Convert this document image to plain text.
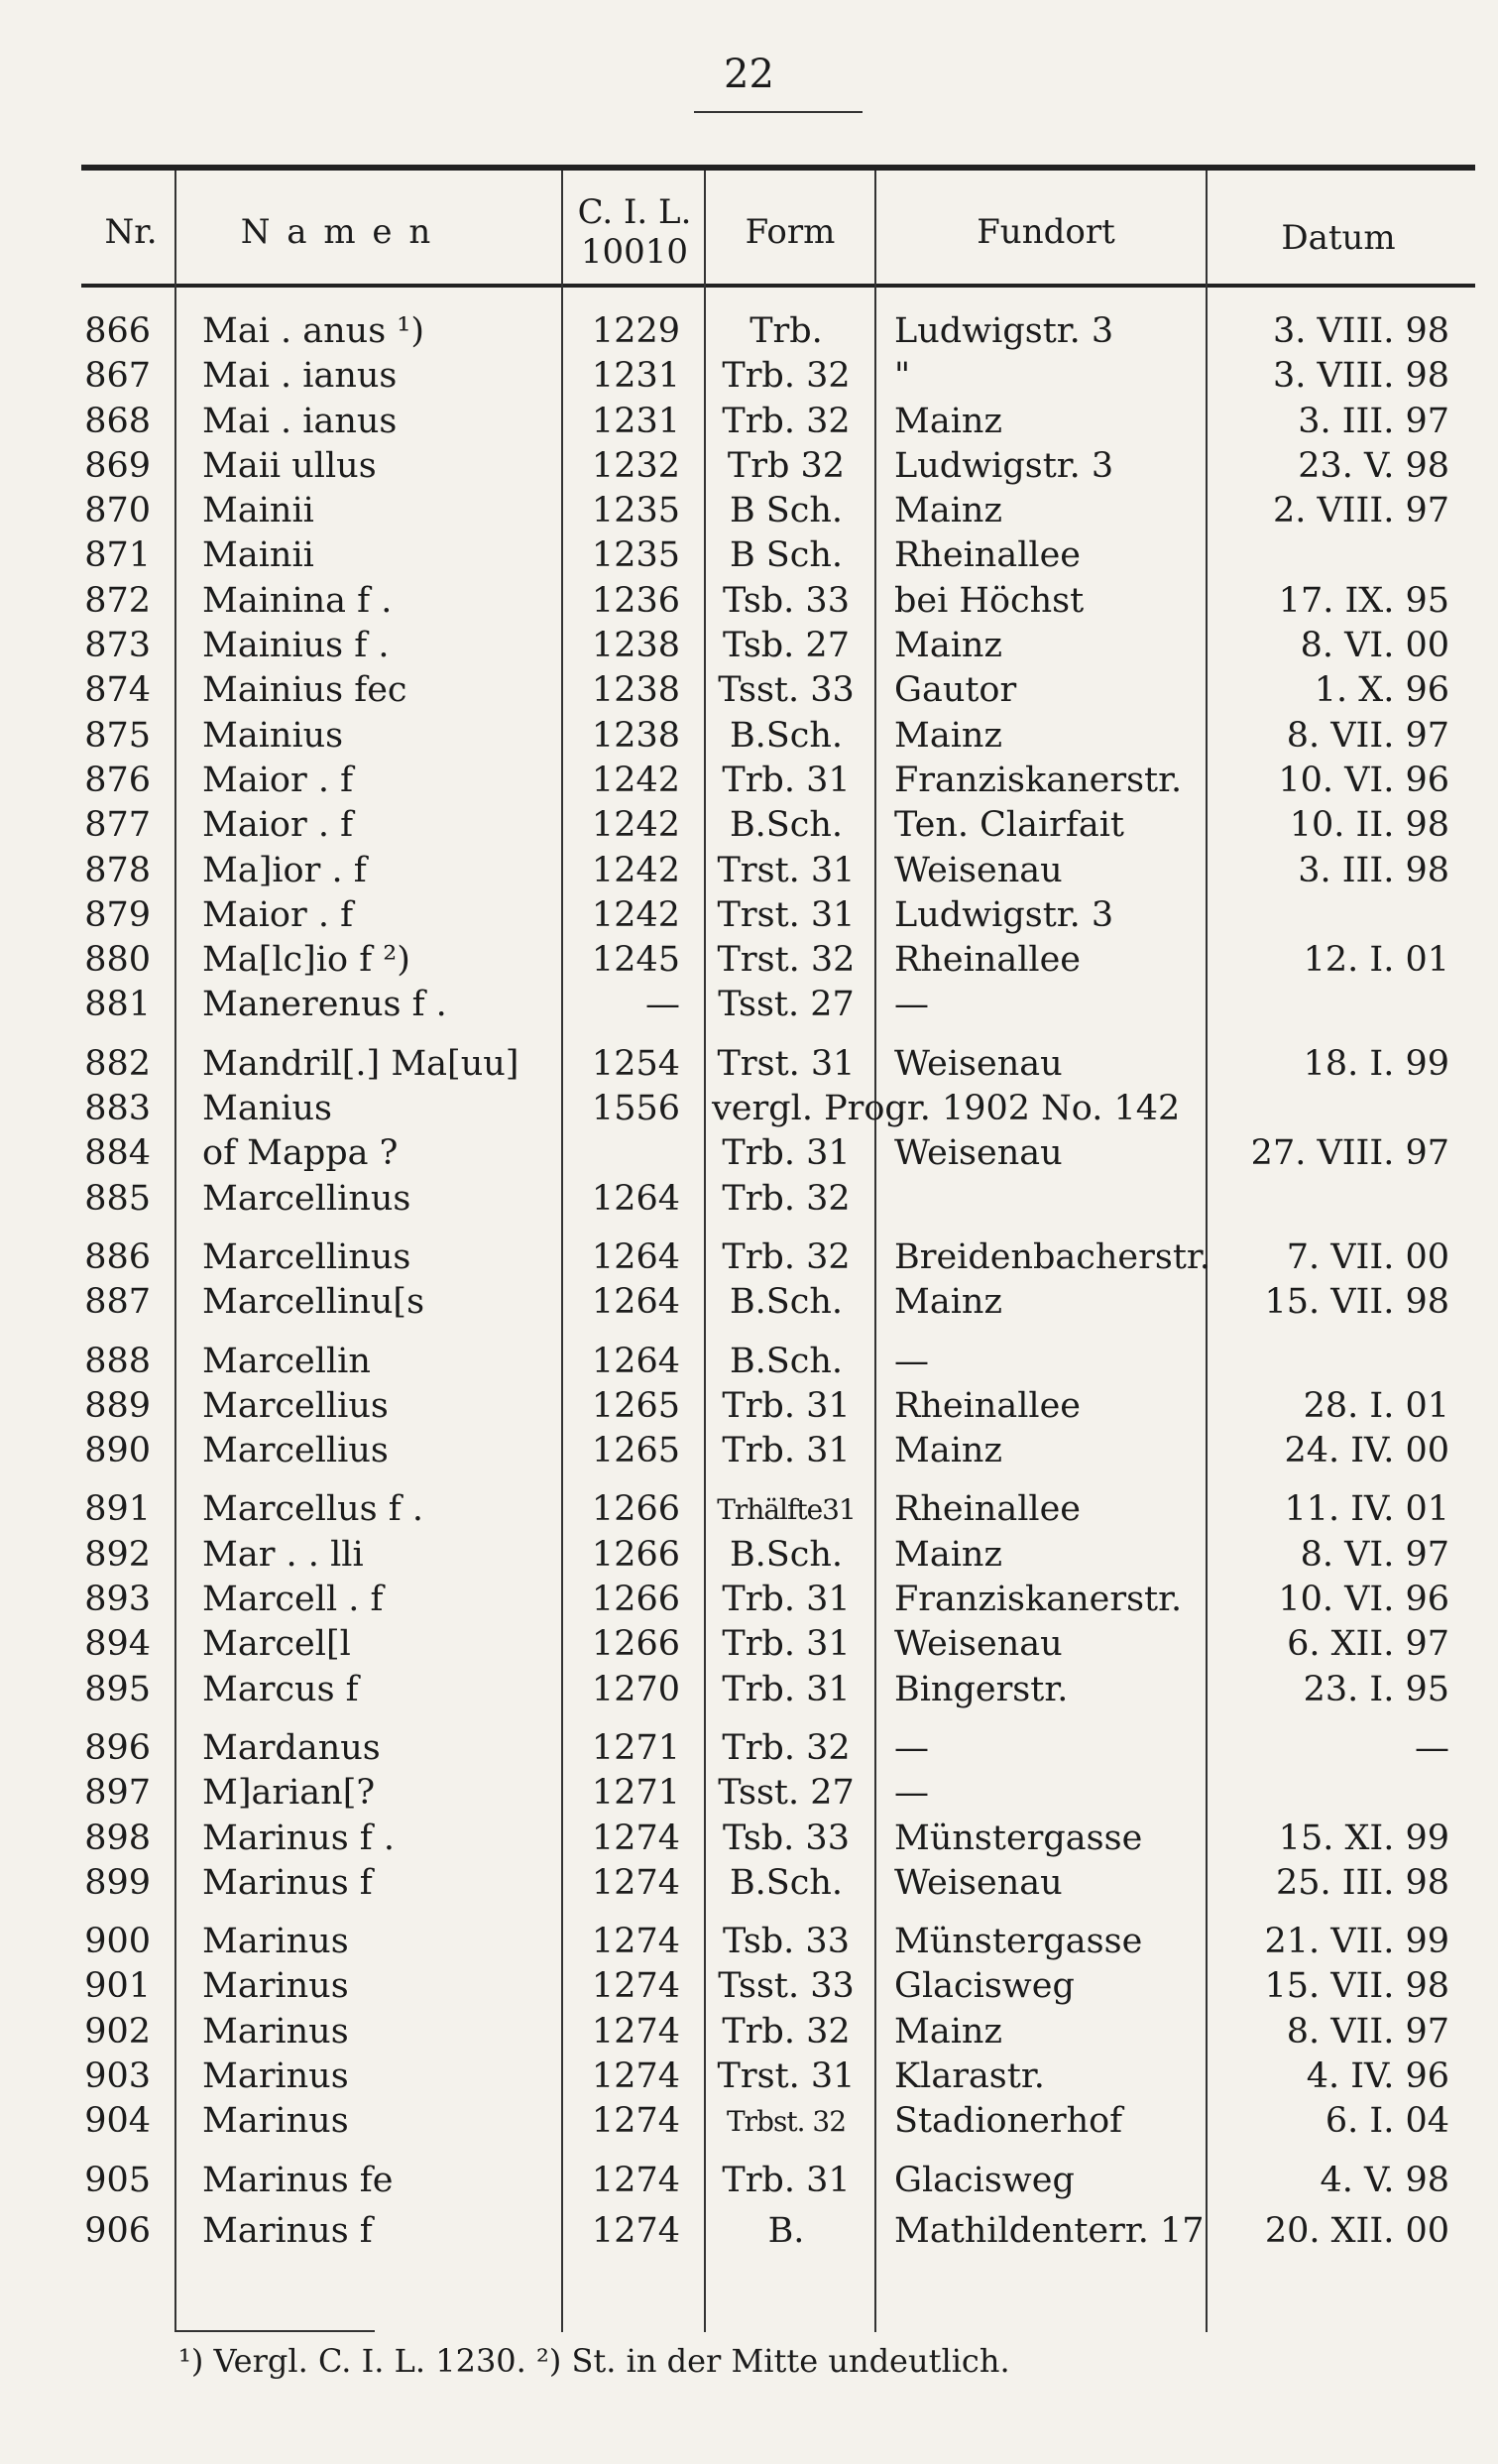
22
Nr.	N a m e n	C. I. L.
10010	Form	Fundort	Datum
866 Mai . anus ¹)	1229	Trb.	Ludwigstr. 3	3. VIII. 98
867 Mai . ianus	1231 Trb. 32 "	3. VIII. 98
868 Mai . ianus	1231 Trb. 32 Mainz	3. III. 97
869 Maii ullus	1232	Trb 32	Ludwigstr. 3	23. V. 98
870 Mainii	1235	B Sch.	Mainz	2. VIII. 97
871 Mainii	1235	B Sch.	Rheinallee
872 Mainina f .	1236	Tsb. 33	bei Höchst	17. IX. 95
873 Mainius f .	1238	Tsb. 27	Mainz	8. VI. 00
874 Mainius fec	1238 Tsst. 33 Gautor	1. X. 96
875 Mainius	1238	B.Sch.	Mainz	8. VII. 97
876 Maior . f	1242 Trb. 31 Franziskanerstr.	10. VI. 96
877 Maior . f	1242	B.Sch.	Ten. Clairfait	10. II. 98
878 Ma]ior . f	1242 Trst. 31 Weisenau	3. III. 98
879 Maior . f	1242 Trst. 31 Ludwigstr. 3
880 Ma[lc]io f ²)	1245 Trst. 32 Rheinallee	12. I. 01
881 Manerenus f .	— Tsst. 27 —
882 Mandril[.] Ma[uu]	1254 Trst. 31 Weisenau	18. I. 99
883 Manius	1556 vergl. Progr. 1902 No. 142
884 of Mappa ?	Trb. 31 Weisenau	27. VIII. 97
885 Marcellinus	1264 Trb. 32
886 Marcellinus	1264 Trb. 32 Breidenbacherstr.	7. VII. 00
887 Marcellinu[s	1264	B.Sch.	Mainz	15. VII. 98
888 Marcellin	1264	B.Sch.	—
889 Marcellius	1265 Trb. 31 Rheinallee	28. I. 01
890 Marcellius	1265 Trb. 31 Mainz	24. IV. 00
891 Marcellus f .	1266 Trhälfte31 Rheinallee	11. IV. 01
892 Mar . . lli	1266	B.Sch.	Mainz	8. VI. 97
893 Marcell . f	1266 Trb. 31 Franziskanerstr.	10. VI. 96
894 Marcel[l	1266 Trb. 31 Weisenau	6. XII. 97
895 Marcus f	1270 Trb. 31 Bingerstr.	23. I. 95
896 Mardanus	1271 Trb. 32 —	—
897 M]arian[?	1271 Tsst. 27 —
898 Marinus f .	1274	Tsb. 33	Münstergasse	15. XI. 99
899 Marinus f	1274	B.Sch.	Weisenau	25. III. 98
900 Marinus	1274	Tsb. 33	Münstergasse	21. VII. 99
901 Marinus	1274 Tsst. 33 Glacisweg	15. VII. 98
902 Marinus	1274 Trb. 32 Mainz	8. VII. 97
903 Marinus	1274 Trst. 31 Klarastr.	4. IV. 96
904 Marinus	1274	Trbst. 32	Stadionerhof	6. I. 04
905 Marinus fe	1274 Trb. 31 Glacisweg	4. V. 98
906 Marinus f	1274	B.	Mathildenterr. 17	20. XII. 00
¹) Vergl. C. I. L. 1230. ²) St. in der Mitte undeutlich.
